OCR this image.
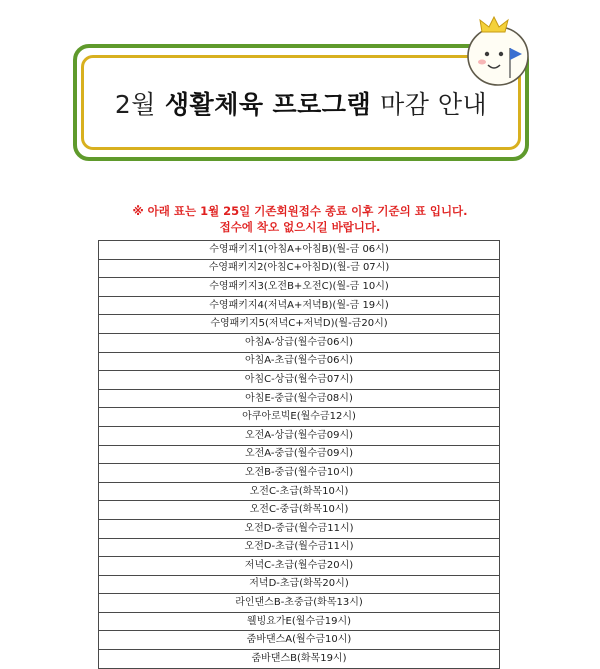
2월 생활체육 프로그램 마감 안내
※ 아래 표는 1월 25일 기존회원접수 종료 이후 기준의 표 입니다.
접수에 착오 없으시길 바랍니다.
수영패키지1(아침A+아침B)(월-금 06시)
수영패키지2(아침C+아침D)(월-금 07시)
수영패키지3(오전B+오전C)(월-금 10시)
수영패키지4(저녁A+저녁B)(월-금 19시)
수영패키지5(저녁C+저녁D)(월-금20시)
아침A-상급(월수금06시)
아침A-초급(월수금06시)
아침C-상급(월수금07시)
아침E-중급(월수금08시)
아쿠아로빅E(월수금12시)
오전A-상급(월수금09시)
오전A-중급(월수금09시)
오전B-중급(월수금10시)
오전C-초급(화목10시)
오전C-중급(화목10시)
오전D-중급(월수금11시)
오전D-초급(월수금11시)
저녁C-초급(월수금20시)
저녁D-초급(화목20시)
라인댄스B-초중급(화목13시)
웰빙요가E(월수금19시)
줌바댄스A(월수금10시)
줌바댄스B(화목19시)
